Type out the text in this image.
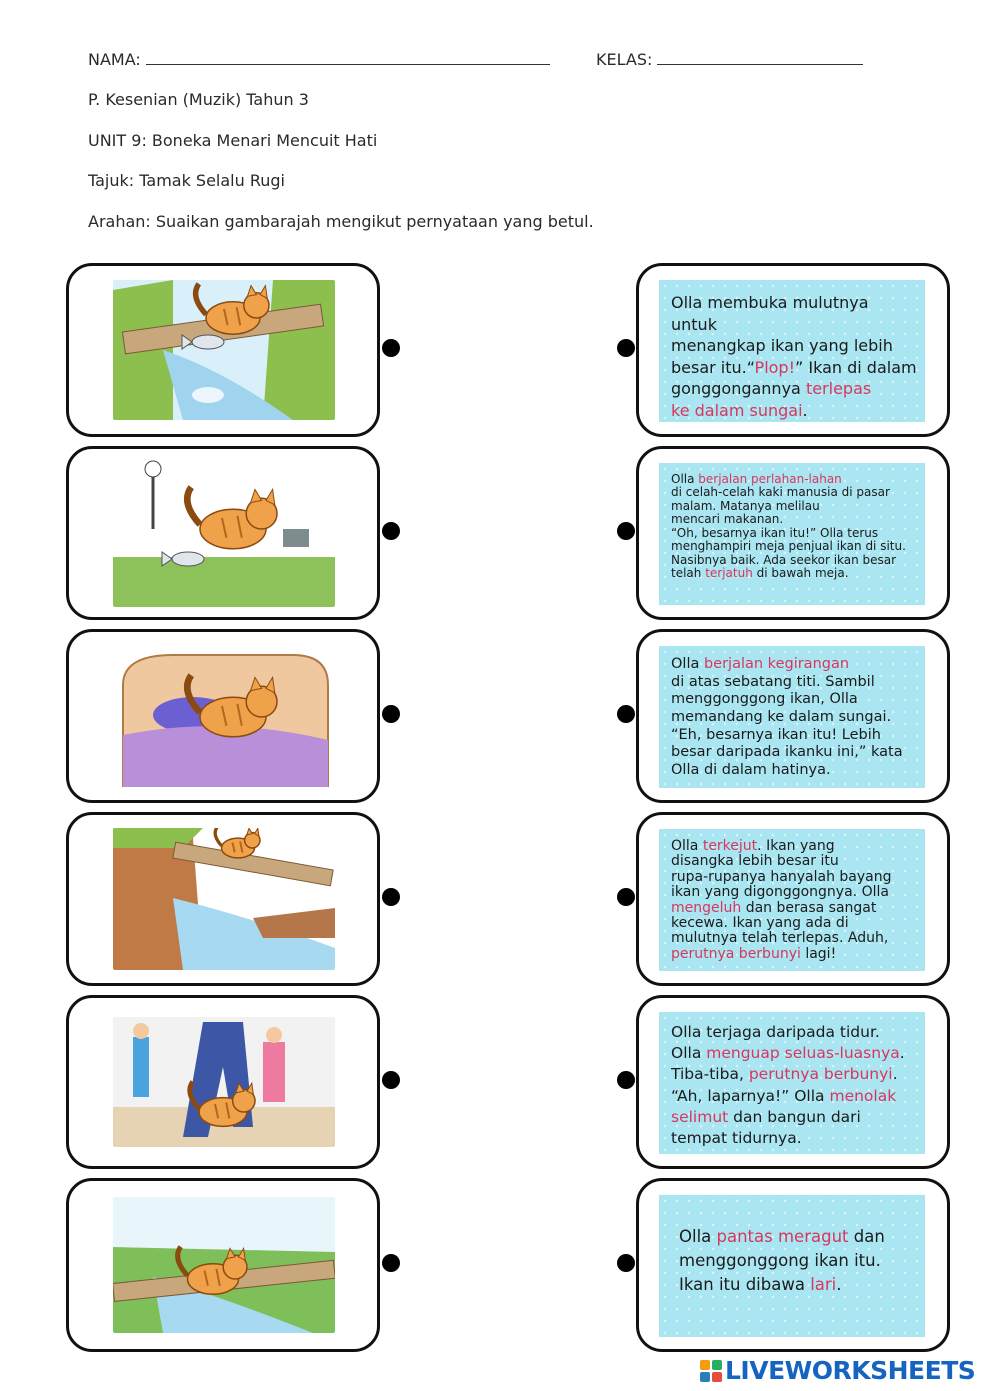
NAMA:	KELAS:
P. Kesenian (Muzik) Tahun 3
UNIT 9: Boneka Menari Mencuit Hati
Tajuk: Tamak Selalu Rugi
Arahan: Suaikan gambarajah mengikut pernyataan yang betul.

Olla membuka mulutnya untuk
menangkap ikan yang lebih
besar itu.“Plop!” Ikan di dalam
gonggongannya terlepas
ke dalam sungai.

Olla berjalan perlahan-lahan
di celah-celah kaki manusia di pasar
malam. Matanya melilau
mencari makanan.
“Oh, besarnya ikan itu!” Olla terus
menghampiri meja penjual ikan di situ.
Nasibnya baik. Ada seekor ikan besar
telah terjatuh di bawah meja.

Olla berjalan kegirangan
di atas sebatang titi. Sambil
menggonggong ikan, Olla
memandang ke dalam sungai.
“Eh, besarnya ikan itu! Lebih
besar daripada ikanku ini,” kata
Olla di dalam hatinya.

Olla terkejut. Ikan yang
disangka lebih besar itu
rupa-rupanya hanyalah bayang
ikan yang digonggongnya. Olla
mengeluh dan berasa sangat
kecewa. Ikan yang ada di
mulutnya telah terlepas. Aduh,
perutnya berbunyi lagi!

Olla terjaga daripada tidur.
Olla menguap seluas-luasnya.
Tiba-tiba, perutnya berbunyi.
“Ah, laparnya!” Olla menolak
selimut dan bangun dari
tempat tidurnya.

Olla pantas meragut dan
menggonggong ikan itu.
Ikan itu dibawa lari.

LIVEWORKSHEETS
